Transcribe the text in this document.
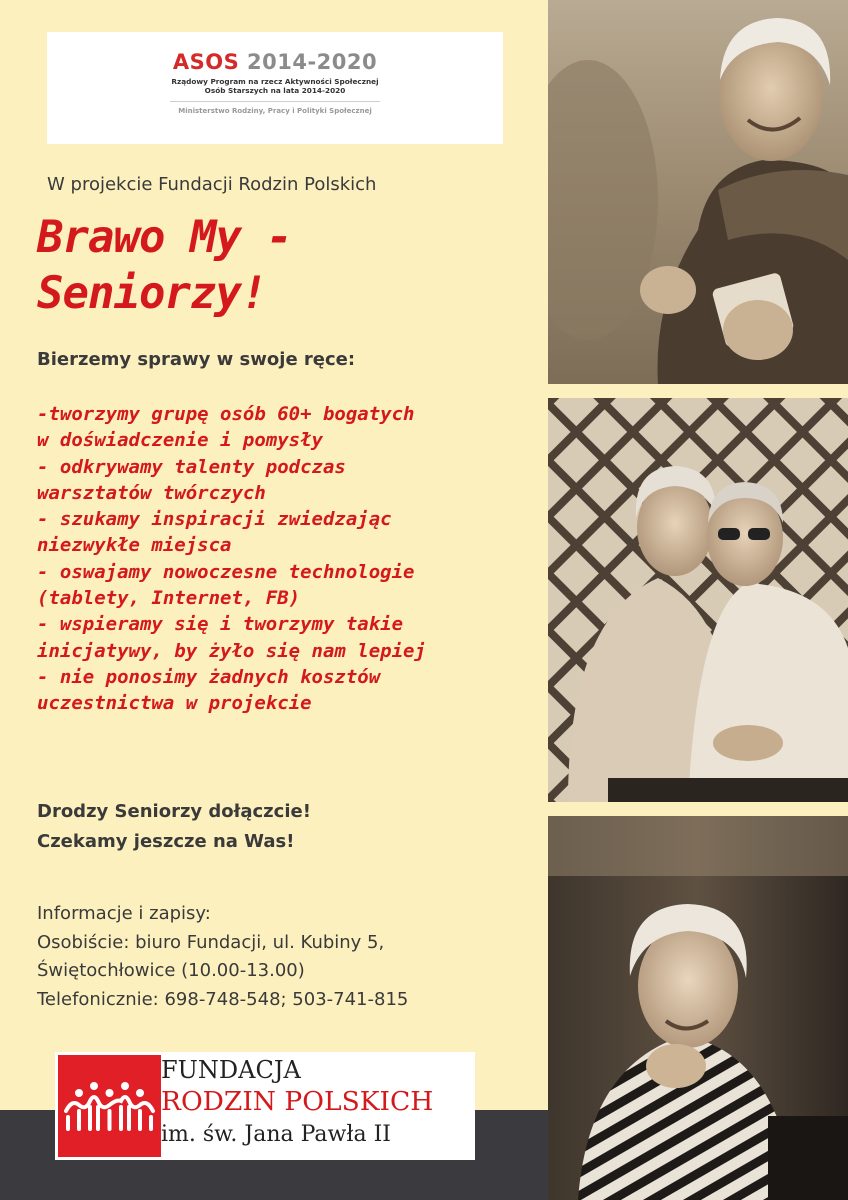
ASOS 2014-2020
Rządowy Program na rzecz Aktywności Społecznej
Osób Starszych na lata 2014-2020
Ministerstwo Rodziny, Pracy i Polityki Społecznej
W projekcie Fundacji Rodzin Polskich
Brawo My -
Seniorzy!
Bierzemy sprawy w swoje ręce:
-tworzymy grupę osób 60+ bogatych
w doświadczenie i pomysły
- odkrywamy talenty podczas
warsztatów twórczych
- szukamy inspiracji zwiedzając
niezwykłe miejsca
- oswajamy nowoczesne technologie
(tablety, Internet, FB)
- wspieramy się i tworzymy takie
inicjatywy, by żyło się nam lepiej
- nie ponosimy żadnych kosztów
uczestnictwa w projekcie
Drodzy Seniorzy dołączcie!
Czekamy jeszcze na Was!
Informacje i zapisy:
Osobiście: biuro Fundacji, ul. Kubiny 5,
Świętochłowice (10.00-13.00)
Telefonicznie: 698-748-548; 503-741-815
FUNDACJA
RODZIN POLSKICH
im. św. Jana Pawła II
